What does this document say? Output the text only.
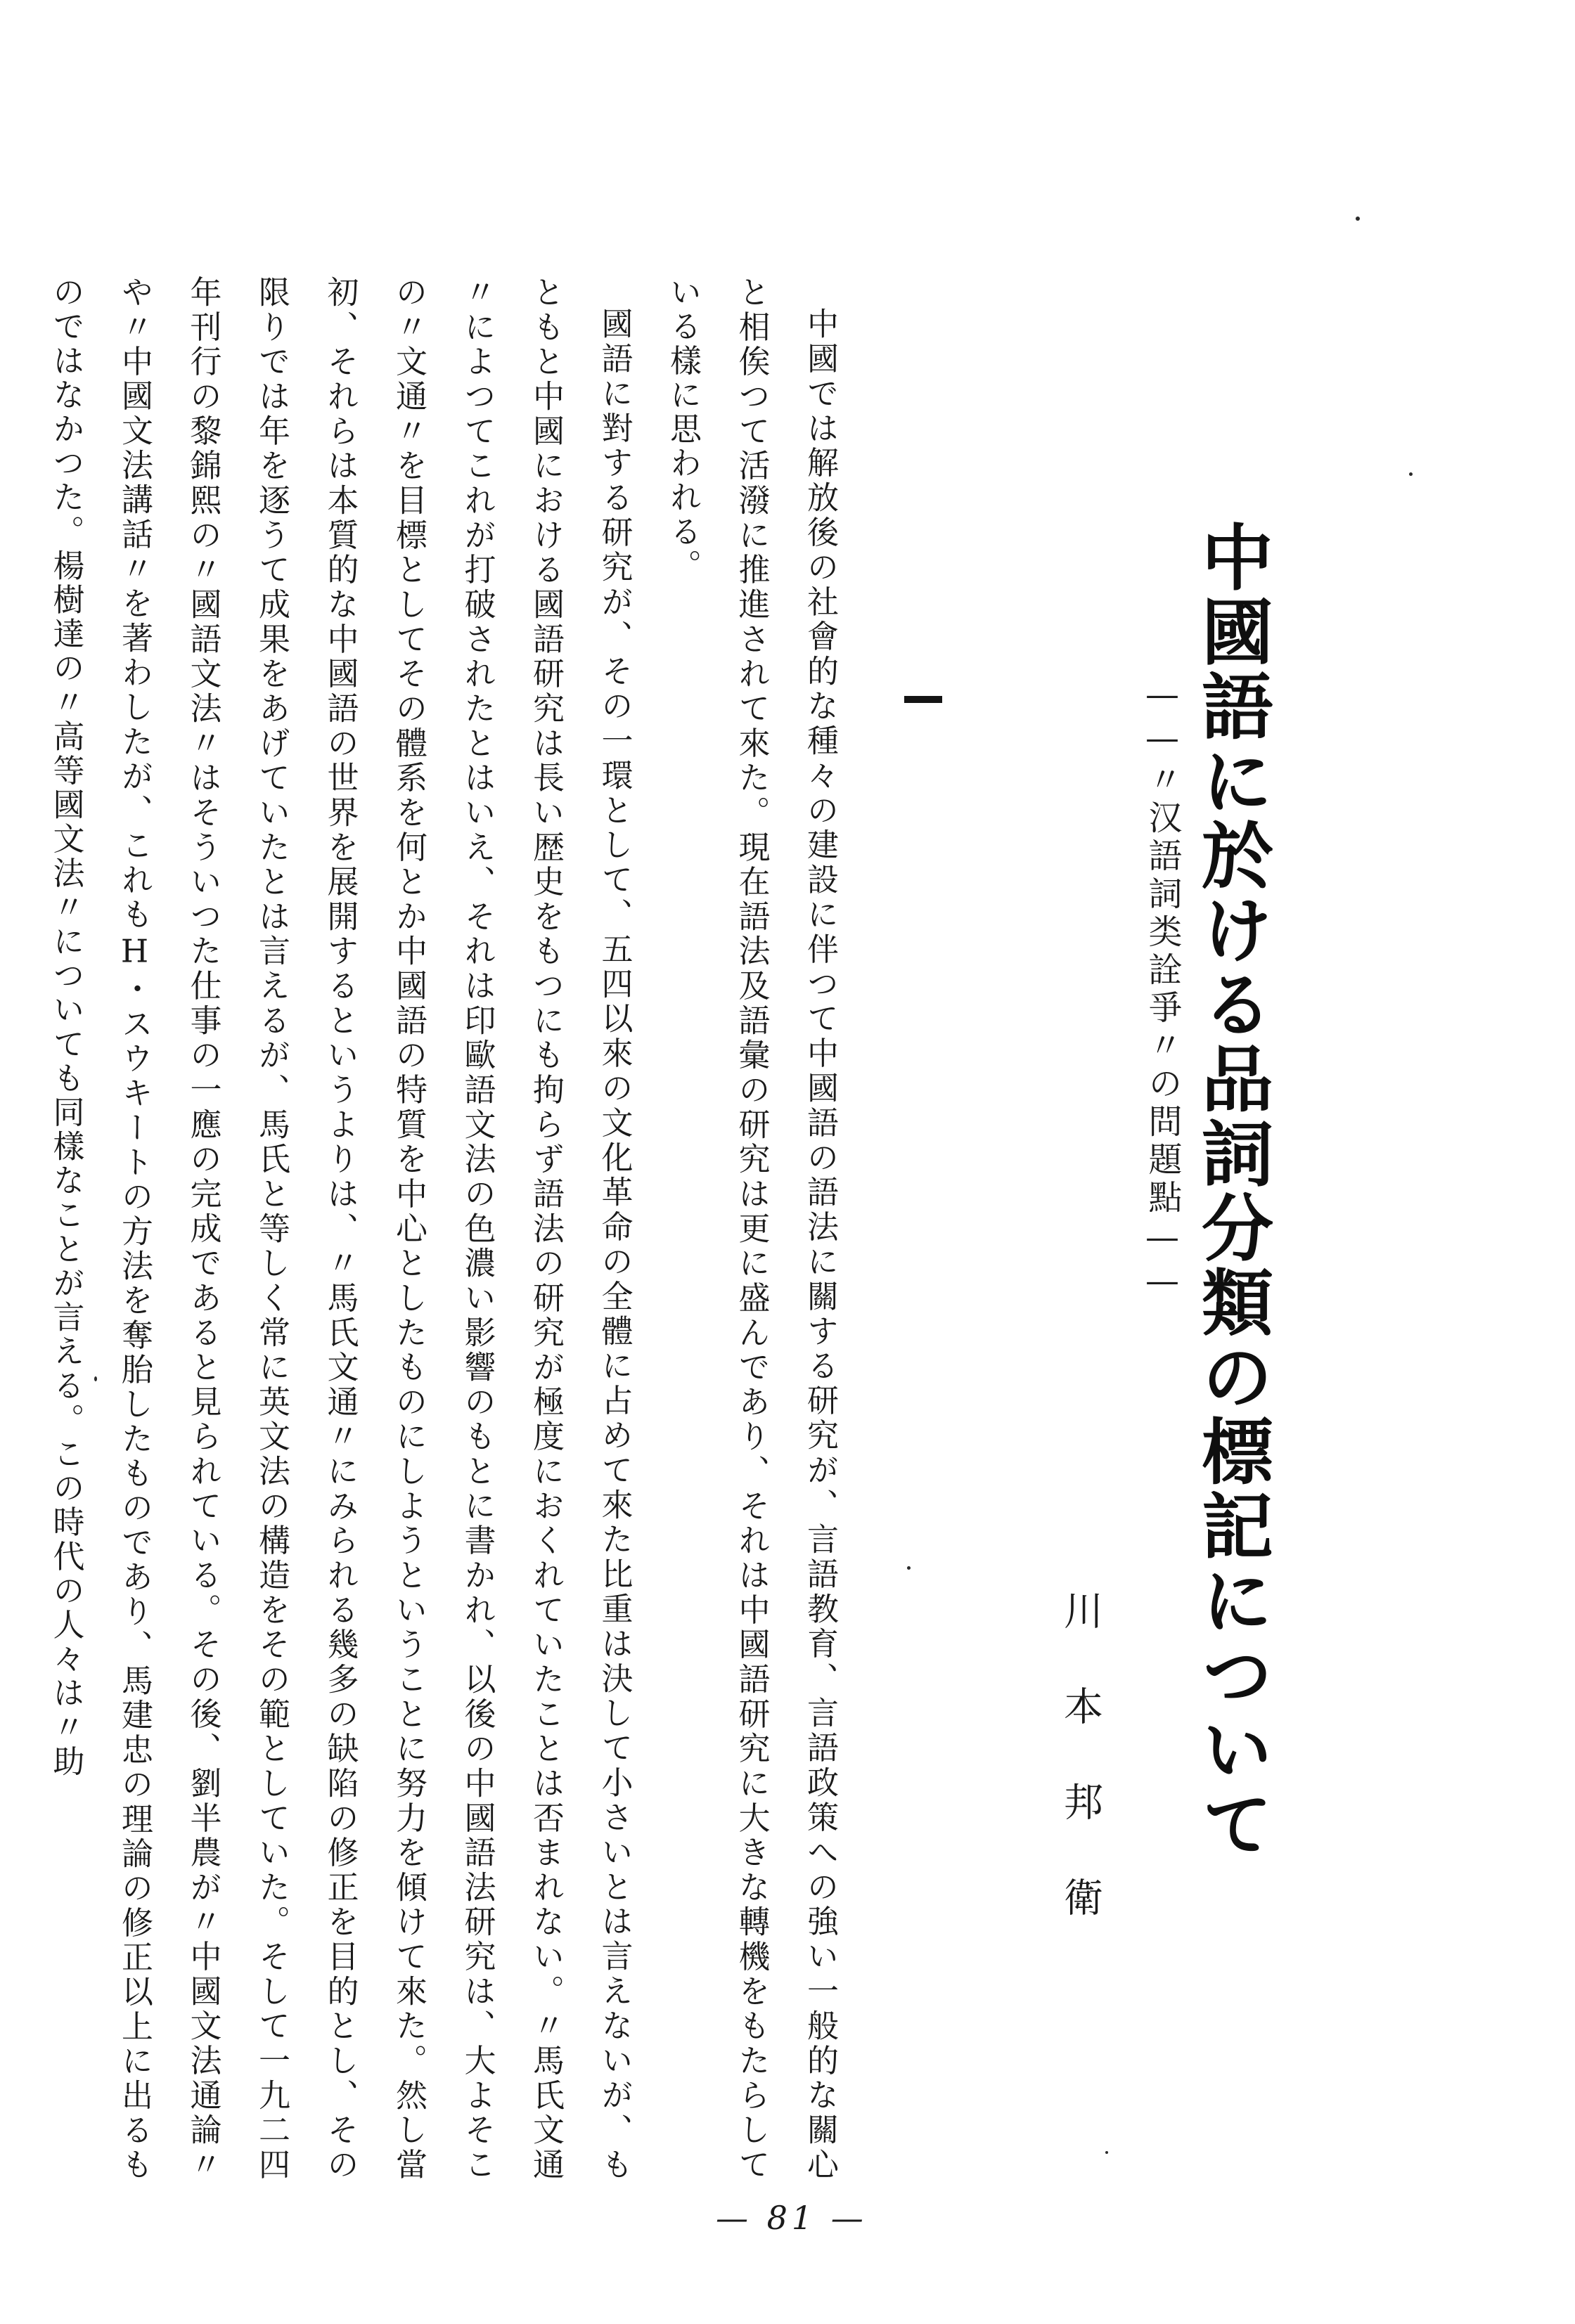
中國語に於ける品詞分類の標記について
——〃汉語詞类詮爭〃の問題點——
川本邦衛

中國では解放後の社會的な種々の建設に伴つて中國語の語法に關する研究が、言語教育、言語政策への強い一般的な關心と相俟つて活潑に推進されて來た。現在語法及語彙の研究は更に盛んであり、それは中國語研究に大きな轉機をもたらしている樣に思われる。

國語に對する研究が、その一環として、五四以來の文化革命の全體に占めて來た比重は決して小さいとは言えないが、もともと中國における國語研究は長い歴史をもつにも拘らず語法の研究が極度におくれていたことは否まれない。〃馬氏文通〃によつてこれが打破されたとはいえ、それは印歐語文法の色濃い影響のもとに書かれ、以後の中國語法研究は、大よそこの〃文通〃を目標としてその體系を何とか中國語の特質を中心としたものにしようということに努力を傾けて來た。然し當初、それらは本質的な中國語の世界を展開するというよりは、〃馬氏文通〃にみられる幾多の缺陷の修正を目的とし、その限りでは年を逐うて成果をあげていたとは言えるが、馬氏と等しく常に英文法の構造をその範としていた。そして一九二四年刊行の黎錦熙の〃國語文法〃はそういつた仕事の一應の完成であると見られている。その後、劉半農が〃中國文法通論〃や〃中國文法講話〃を著わしたが、これもH・スウキートの方法を奪胎したものであり、馬建忠の理論の修正以上に出るものではなかつた。楊樹達の〃高等國文法〃についても同樣なことが言える。この時代の人々は〃助

— 81 —
